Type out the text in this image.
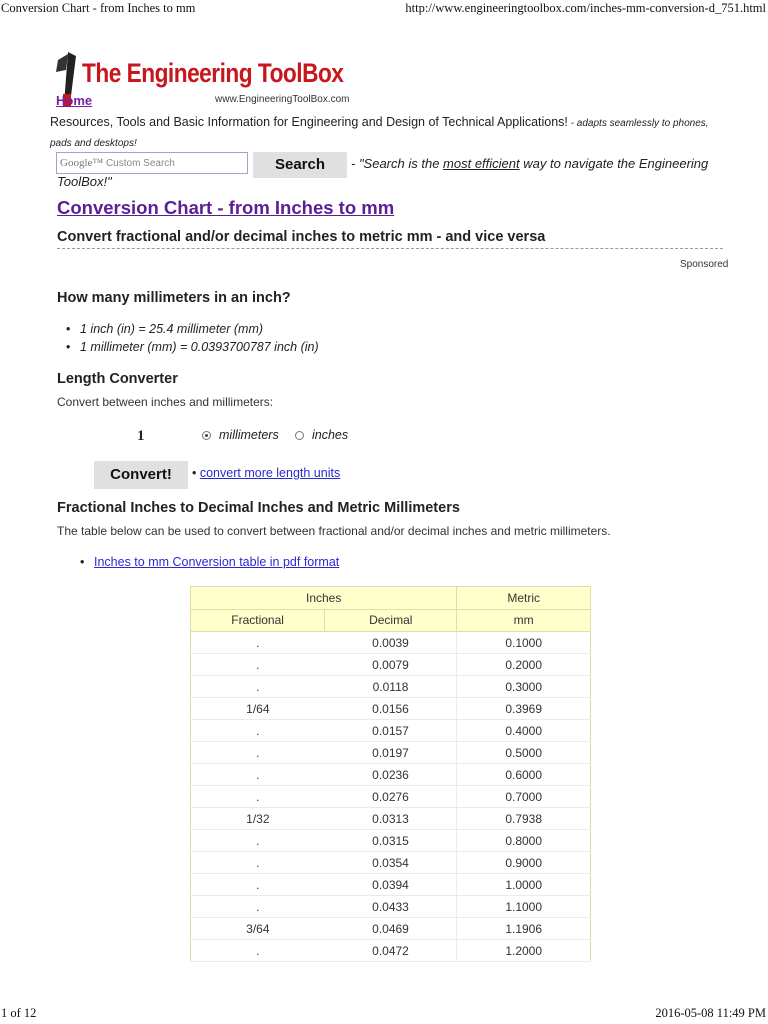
Conversion Chart - from Inches to mm	http://www.engineeringtoolbox.com/inches-mm-conversion-d_751.html
The Engineering ToolBox
Home	www.EngineeringToolBox.com
Resources, Tools and Basic Information for Engineering and Design of Technical Applications! - adapts seamlessly to phones, pads and desktops!
Google™ Custom Search	Search	- "Search is the most efficient way to navigate the Engineering ToolBox!"
Conversion Chart - from Inches to mm
Convert fractional and/or decimal inches to metric mm - and vice versa
Sponsored
How many millimeters in an inch?
• 1 inch (in) = 25.4 millimeter (mm)
• 1 millimeter (mm) = 0.0393700787 inch (in)
Length Converter
Convert between inches and millimeters:
1	millimeters	inches
Convert!	• convert more length units
Fractional Inches to Decimal Inches and Metric Millimeters
The table below can be used to convert between fractional and/or decimal inches and metric millimeters.
• Inches to mm Conversion table in pdf format
Inches		Metric
Fractional	Decimal	mm
.	0.0039	0.1000
.	0.0079	0.2000
.	0.0118	0.3000
1/64	0.0156	0.3969
.	0.0157	0.4000
.	0.0197	0.5000
.	0.0236	0.6000
.	0.0276	0.7000
1/32	0.0313	0.7938
.	0.0315	0.8000
.	0.0354	0.9000
.	0.0394	1.0000
.	0.0433	1.1000
3/64	0.0469	1.1906
.	0.0472	1.2000
1 of 12	2016-05-08 11:49 PM
